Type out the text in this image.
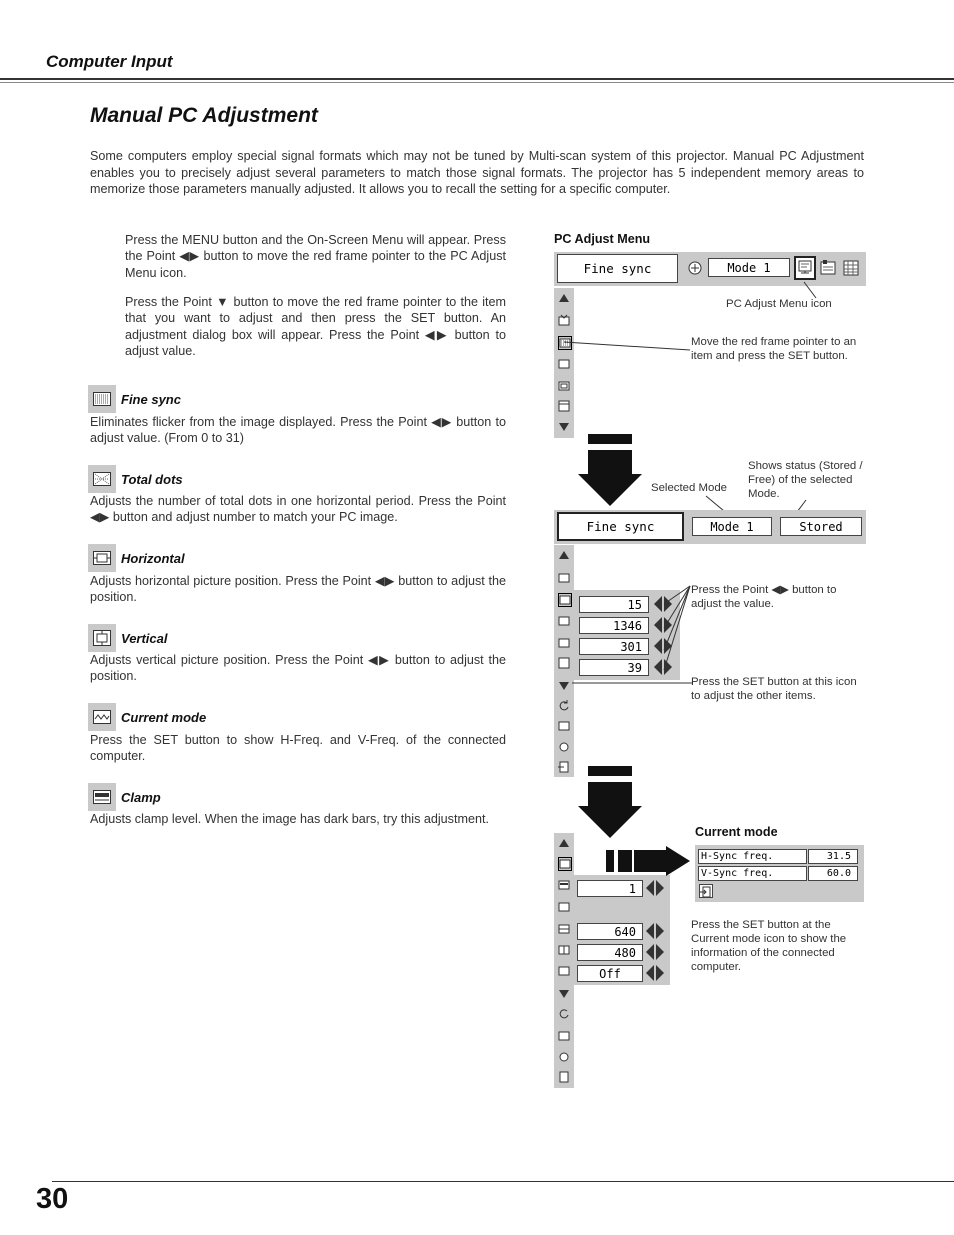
Computer Input
Manual PC Adjustment
Some computers employ special signal formats which may not be tuned by Multi-scan system of this projector. Manual PC Adjustment enables you to precisely adjust several parameters to match those signal formats. The projector has 5 independent memory areas to memorize those parameters manually adjusted. It allows you to recall the setting for a specific computer.
Press the MENU button and the On-Screen Menu will appear. Press the Point ◀▶ button to move the red frame pointer to the PC Adjust Menu icon.
Press the Point ▼ button to move the red frame pointer to the item that you want to adjust and then press the SET button. An adjustment dialog box will appear. Press the Point ◀▶ button to adjust value.
Fine sync
Eliminates flicker from the image displayed. Press the Point ◀▶ button to adjust value. (From 0 to 31)
Total dots
Adjusts the number of total dots in one horizontal period. Press the Point ◀▶ button and adjust number to match your PC image.
Horizontal
Adjusts horizontal picture position. Press the Point ◀▶ button to adjust the position.
Vertical
Adjusts vertical picture position. Press the Point ◀▶ button to adjust the position.
Current mode
Press the SET button to show H-Freq. and V-Freq. of the connected computer.
Clamp
Adjusts clamp level. When the image has dark bars, try this adjustment.
PC Adjust Menu
Fine sync	Mode 1
PC Adjust Menu icon
Move the red frame pointer to an item and press the SET button.
Selected Mode
Shows status (Stored / Free) of the selected Mode.
Fine sync	Mode 1	Stored
15
1346
301
39
Press the Point ◀▶ button to adjust the value.
Press the SET button at this icon to adjust the other items.
1
640
480
Off
Current mode
H-Sync freq.	31.5
V-Sync freq.	60.0
Press the SET button at the Current mode icon to show the information of the connected computer.
30
